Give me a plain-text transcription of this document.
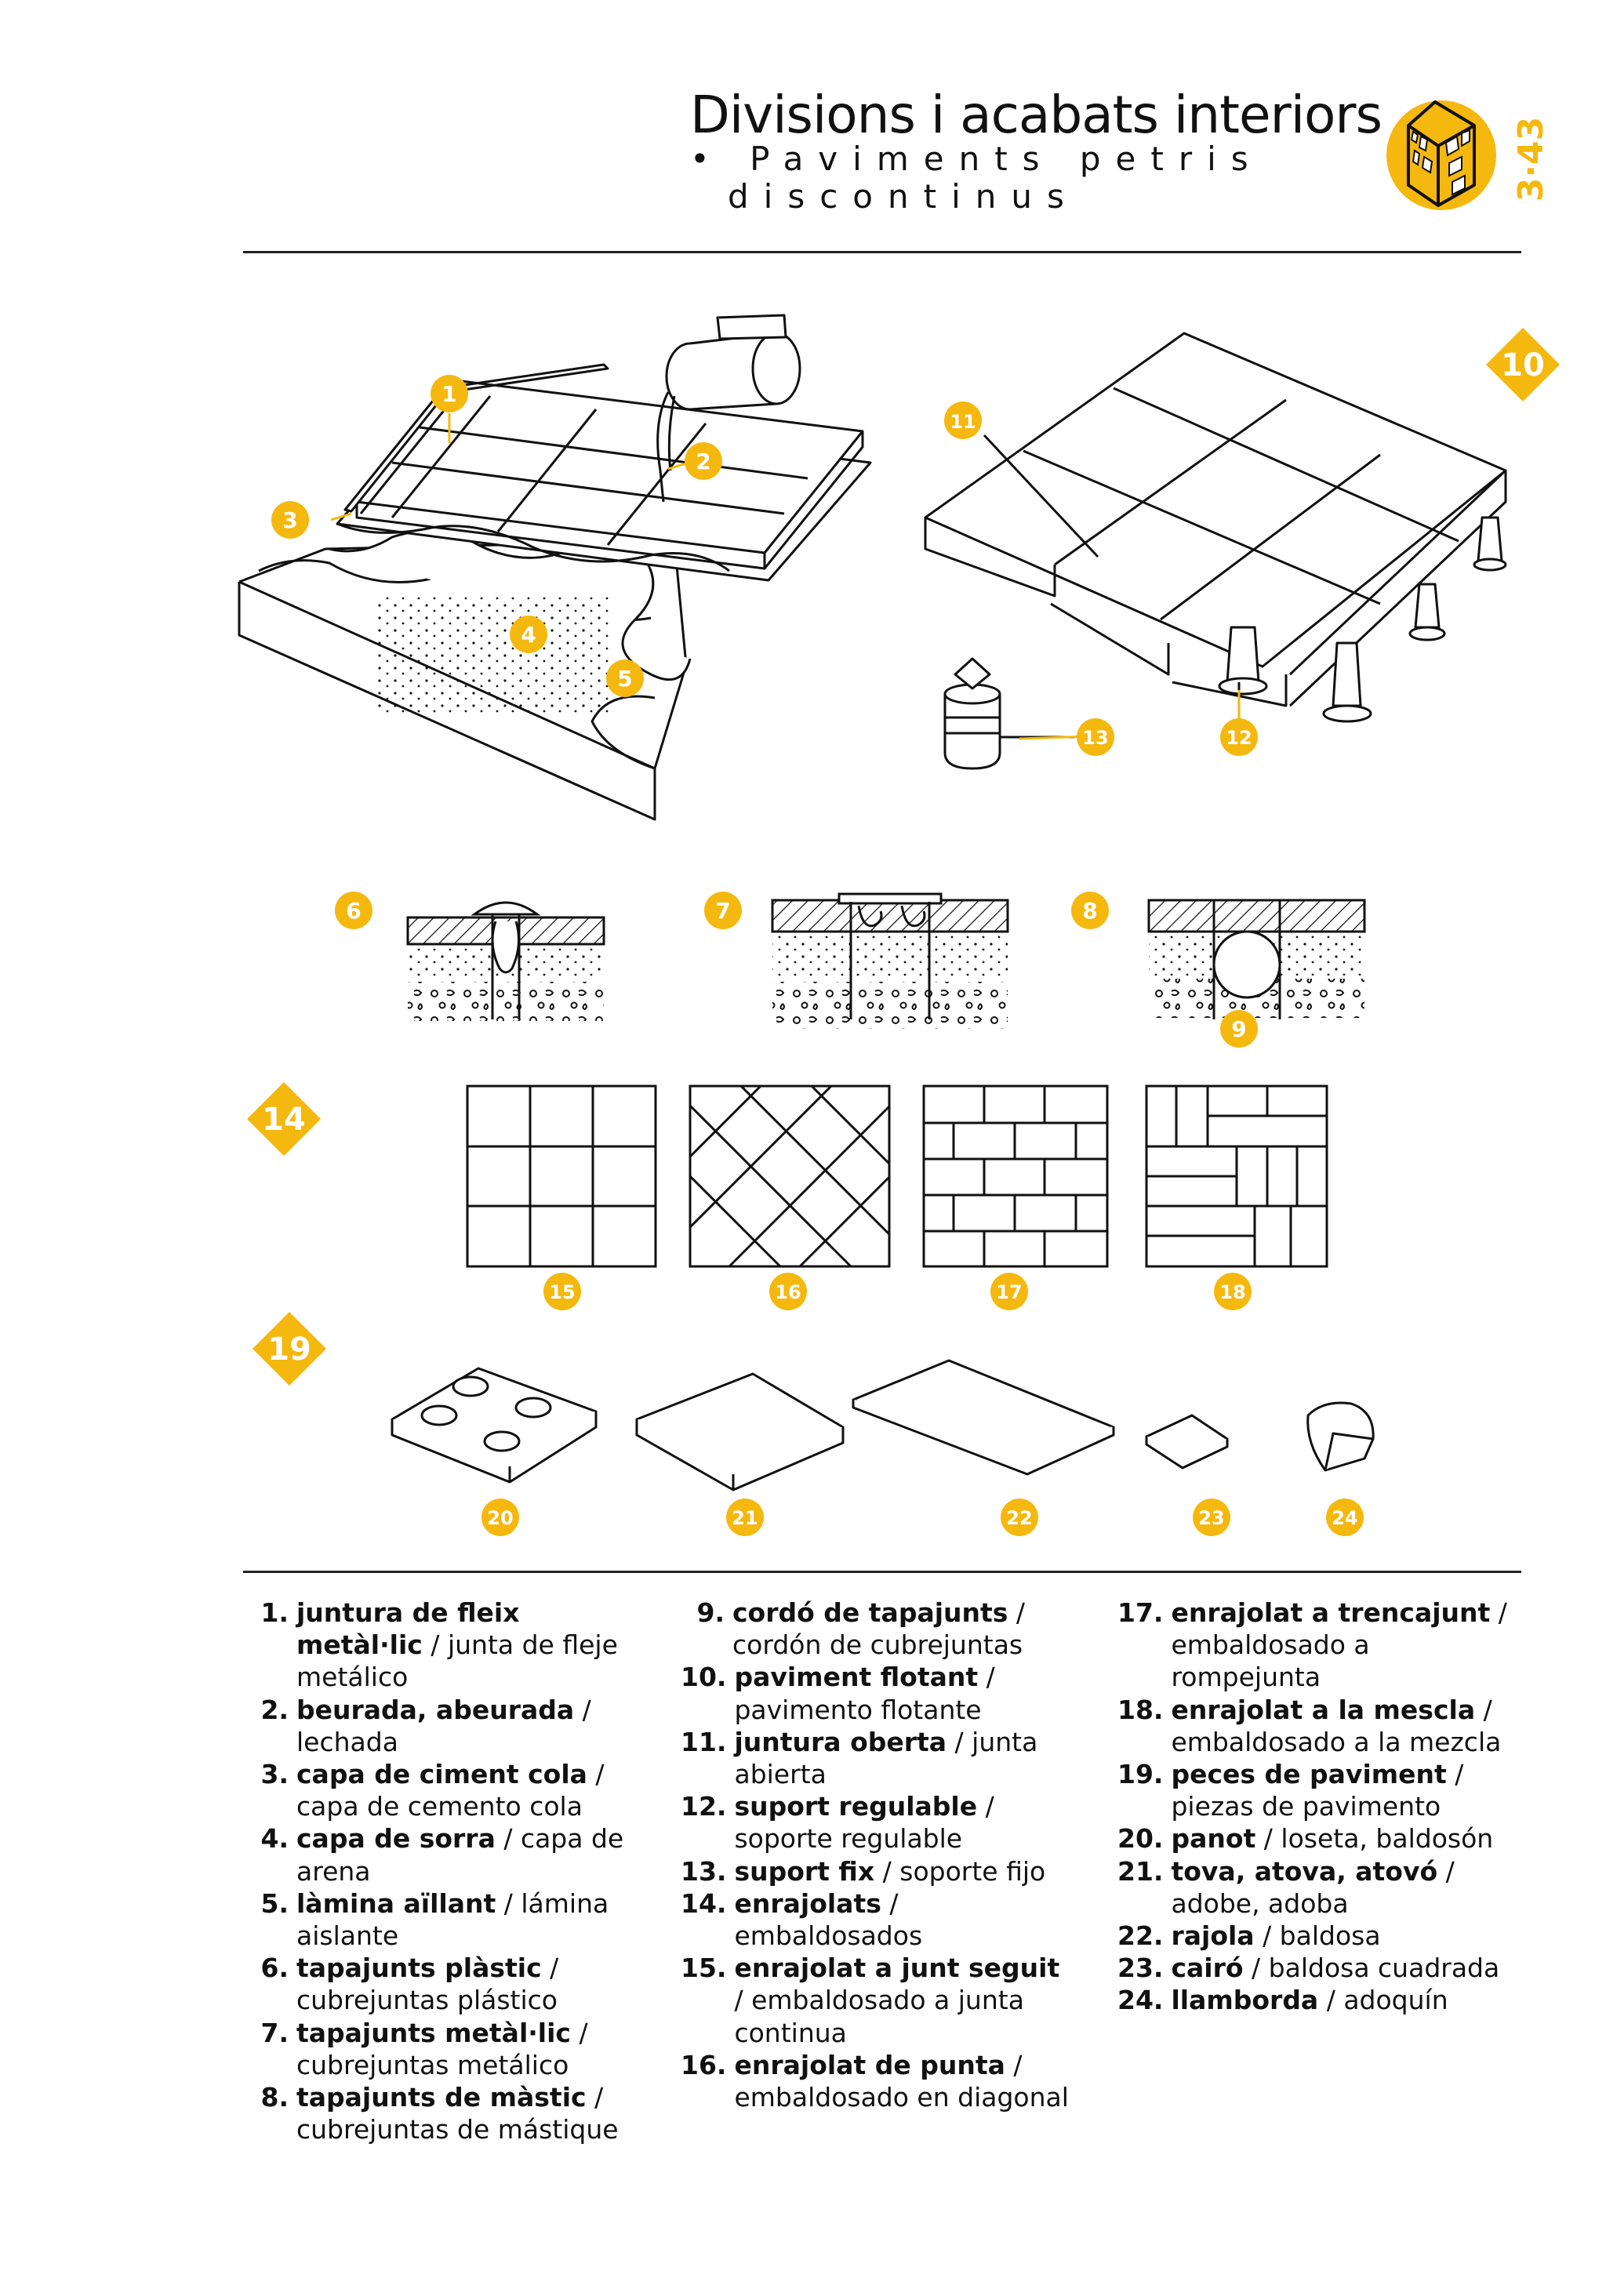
Divisions i acabats interiors
• Paviments petris
discontinus	3·43
1
2
3
4
5
6	7	8
9
11
12
13
15	16	17	18
20	21	22	23	24
10
14
19
1. juntura de fleix metàl·lic / junta de fleje metálico
2. beurada, abeurada / lechada
3. capa de ciment cola / capa de cemento cola
4. capa de sorra / capa de arena
5. làmina aïllant / lámina aislante
6. tapajunts plàstic / cubrejuntas plástico
7. tapajunts metàl·lic / cubrejuntas metálico
8. tapajunts de màstic / cubrejuntas de mástique
9. cordó de tapajunts / cordón de cubrejuntas
10. paviment flotant / pavimento flotante
11. juntura oberta / junta abierta
12. suport regulable / soporte regulable
13. suport fix / soporte fijo
14. enrajolats / embaldosados
15. enrajolat a junt seguit / embaldosado a junta continua
16. enrajolat de punta / embaldosado en diagonal
17. enrajolat a trencajunt / embaldosado a rompejunta
18. enrajolat a la mescla / embaldosado a la mezcla
19. peces de paviment / piezas de pavimento
20. panot / loseta, baldosón
21. tova, atova, atovó / adobe, adoba
22. rajola / baldosa
23. cairó / baldosa cuadrada
24. llamborda / adoquín
